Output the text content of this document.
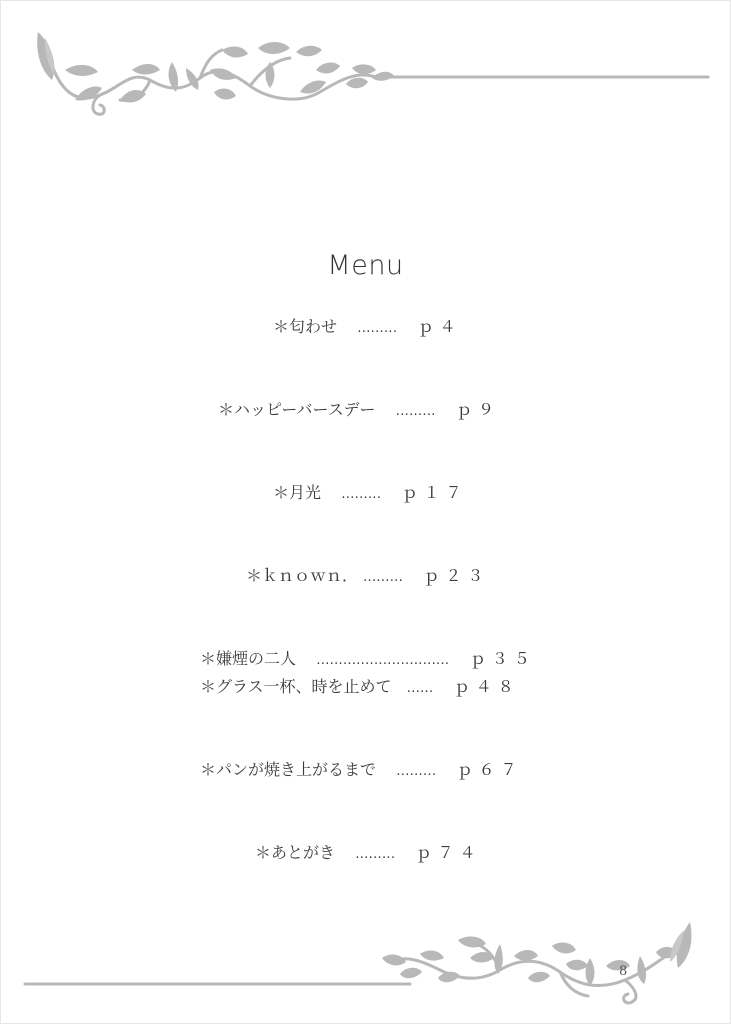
Menu
＊匂わせ ......... ｐ４
＊ハッピーバースデー ......... ｐ９
＊月光 ......... ｐ１７
＊ｋｎｏｗｎ． ......... ｐ２３
＊嫌煙の二人 .............................. ｐ３５
＊グラス一杯、時を止めて ...... ｐ４８
＊パンが焼き上がるまで ......... ｐ６７
＊あとがき ......... ｐ７４
8
